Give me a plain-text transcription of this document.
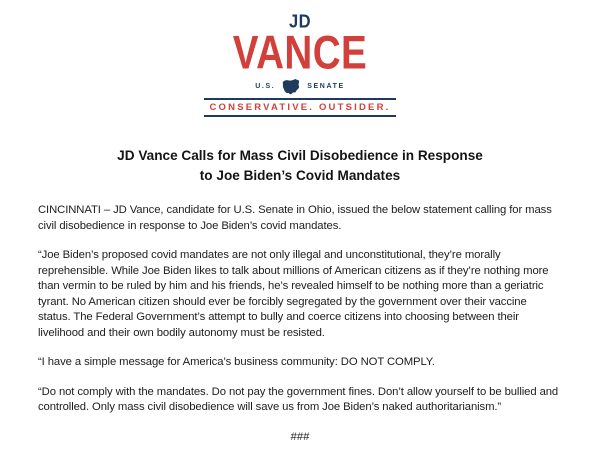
JD
VANCE
U.S.	SENATE
CONSERVATIVE. OUTSIDER.
JD Vance Calls for Mass Civil Disobedience in Response
to Joe Biden’s Covid Mandates

CINCINNATI – JD Vance, candidate for U.S. Senate in Ohio, issued the below statement calling for mass civil disobedience in response to Joe Biden’s covid mandates.

“Joe Biden’s proposed covid mandates are not only illegal and unconstitutional, they’re morally reprehensible. While Joe Biden likes to talk about millions of American citizens as if they’re nothing more than vermin to be ruled by him and his friends, he’s revealed himself to be nothing more than a geriatric tyrant. No American citizen should ever be forcibly segregated by the government over their vaccine status. The Federal Government’s attempt to bully and coerce citizens into choosing between their livelihood and their own bodily autonomy must be resisted.

“I have a simple message for America’s business community: DO NOT COMPLY.

“Do not comply with the mandates. Do not pay the government fines. Don’t allow yourself to be bullied and controlled. Only mass civil disobedience will save us from Joe Biden’s naked authoritarianism.”

###
